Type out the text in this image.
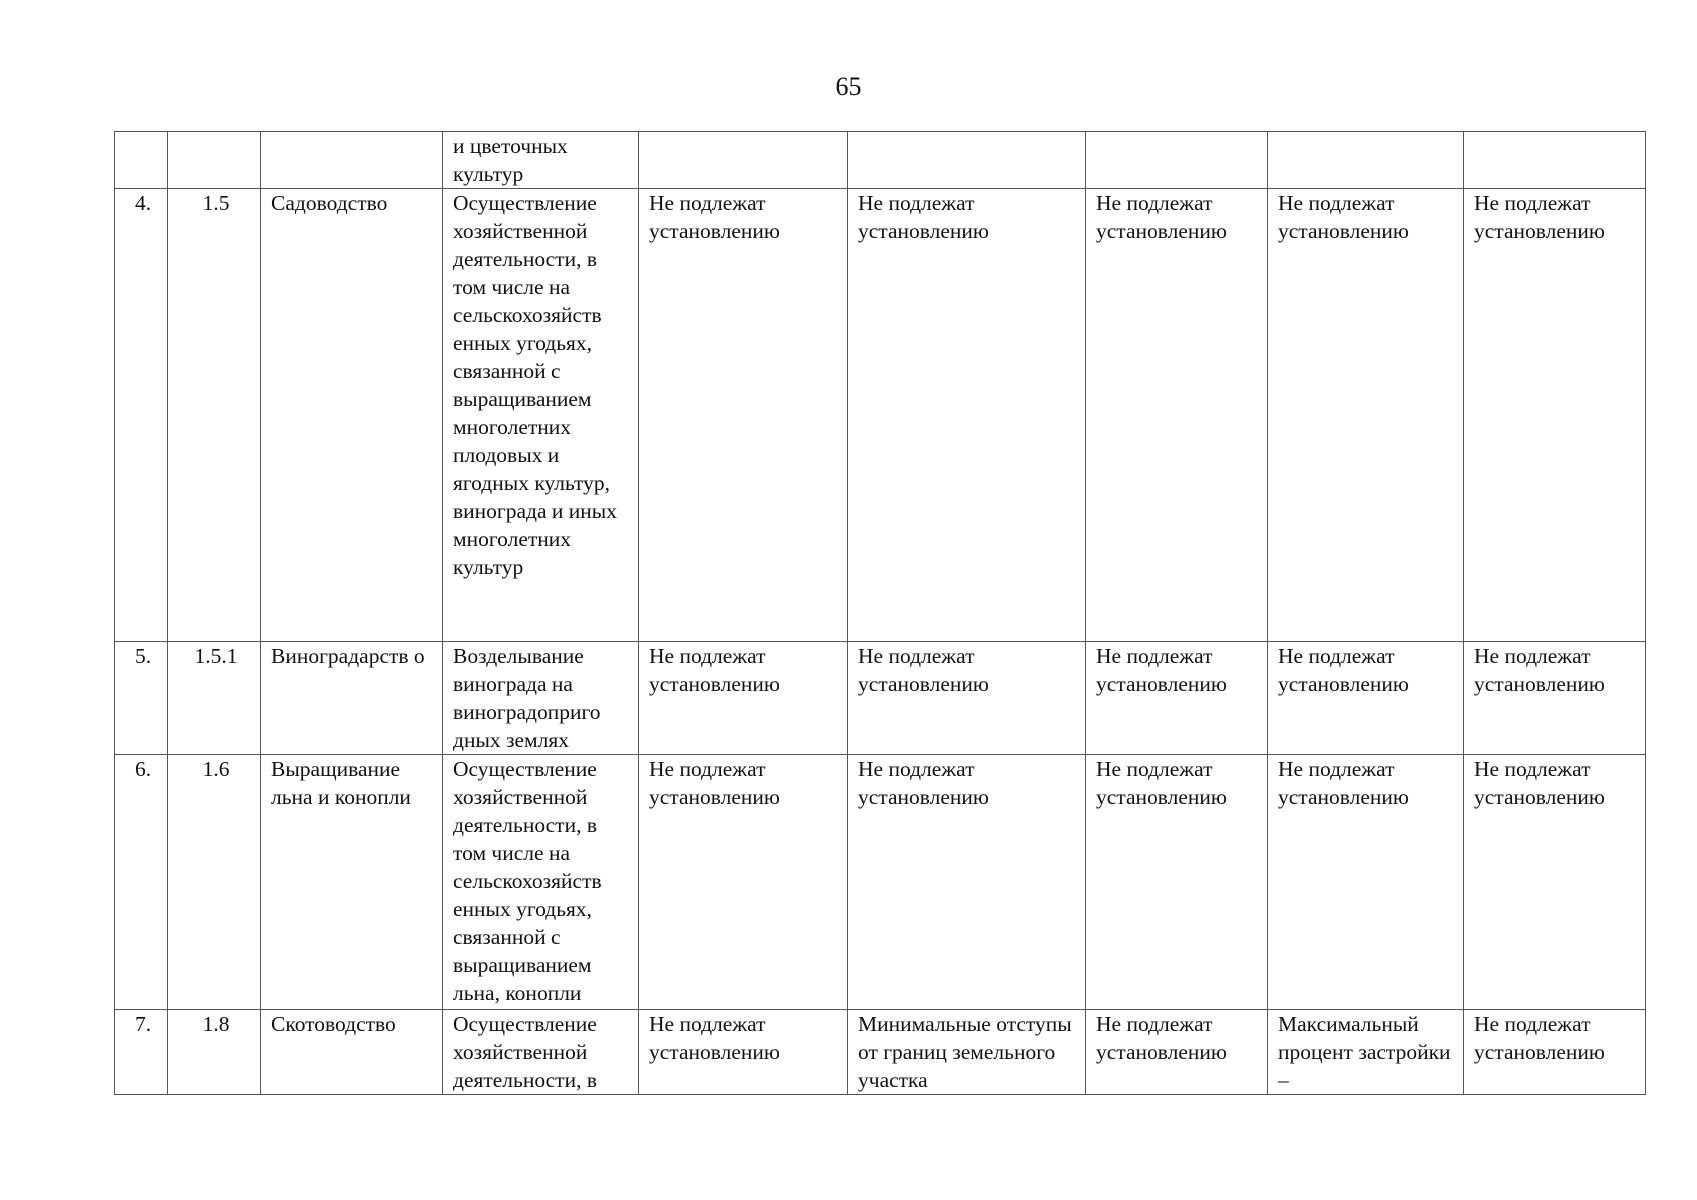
65
			и цветочных культур					
4.	1.5	Садоводство	Осуществление хозяйственной деятельности, в том числе на сельскохозяйств енных угодьях, связанной с выращиванием многолетних плодовых и ягодных культур, винограда и иных многолетних культур	Не подлежат установлению	Не подлежат установлению	Не подлежат установлению	Не подлежат установлению	Не подлежат установлению
5.	1.5.1	Виноградарств о	Возделывание винограда на виноградоприго дных землях	Не подлежат установлению	Не подлежат установлению	Не подлежат установлению	Не подлежат установлению	Не подлежат установлению
6.	1.6	Выращивание льна и конопли	Осуществление хозяйственной деятельности, в том числе на сельскохозяйств енных угодьях, связанной с выращиванием льна, конопли	Не подлежат установлению	Не подлежат установлению	Не подлежат установлению	Не подлежат установлению	Не подлежат установлению
7.	1.8	Скотоводство	Осуществление хозяйственной деятельности, в	Не подлежат установлению	Минимальные отступы от границ земельного участка	Не подлежат установлению	Максимальный процент застройки –	Не подлежат установлению
